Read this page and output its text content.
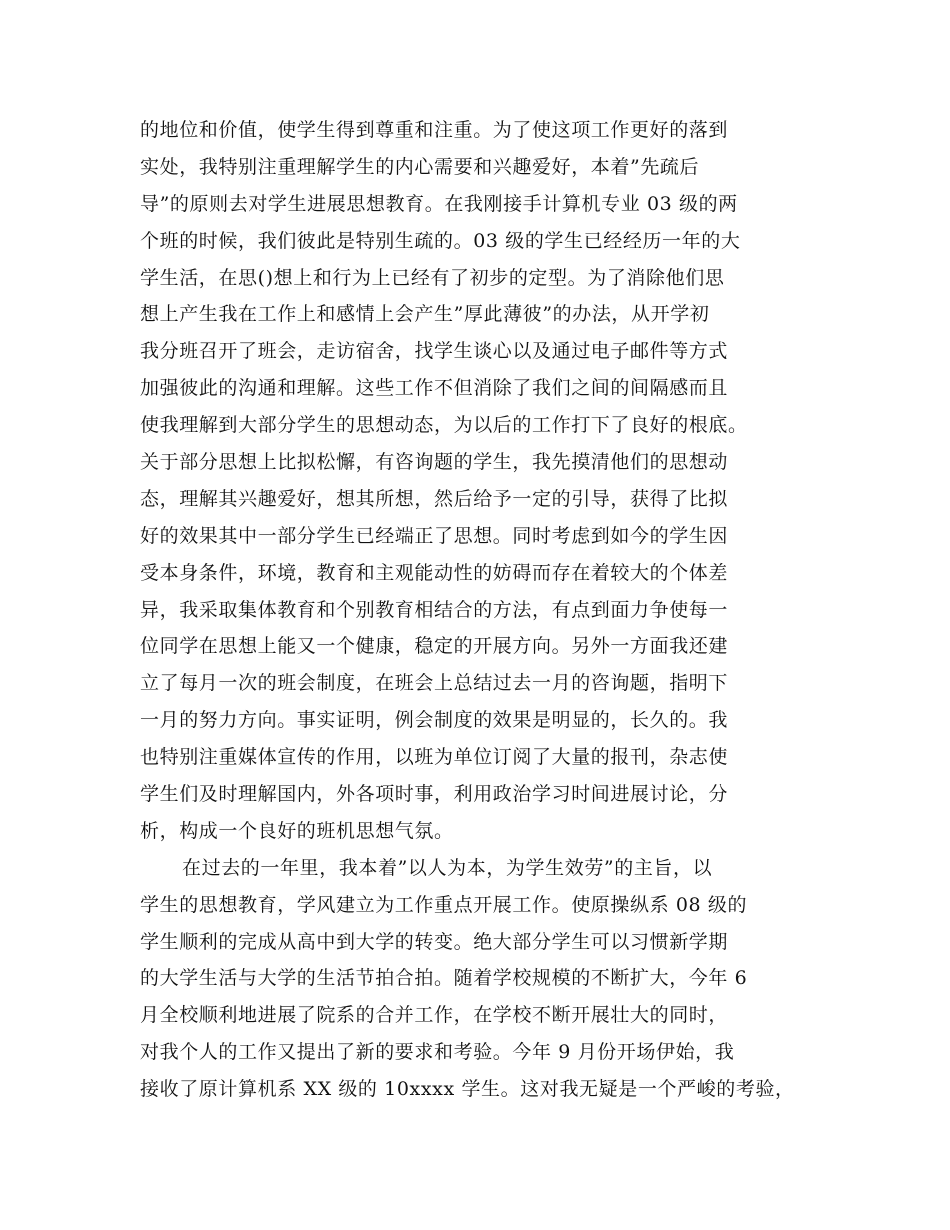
的地位和价值，使学生得到尊重和注重。为了使这项工作更好的落到
实处，我特别注重理解学生的内心需要和兴趣爱好，本着”先疏后
导”的原则去对学生进展思想教育。在我刚接手计算机专业 03 级的两
个班的时候，我们彼此是特别生疏的。03 级的学生已经经历一年的大
学生活，在思()想上和行为上已经有了初步的定型。为了消除他们思
想上产生我在工作上和感情上会产生”厚此薄彼”的办法，从开学初
我分班召开了班会，走访宿舍，找学生谈心以及通过电子邮件等方式
加强彼此的沟通和理解。这些工作不但消除了我们之间的间隔感而且
使我理解到大部分学生的思想动态，为以后的工作打下了良好的根底。
关于部分思想上比拟松懈，有咨询题的学生，我先摸清他们的思想动
态，理解其兴趣爱好，想其所想，然后给予一定的引导，获得了比拟
好的效果其中一部分学生已经端正了思想。同时考虑到如今的学生因
受本身条件，环境，教育和主观能动性的妨碍而存在着较大的个体差
异，我采取集体教育和个别教育相结合的方法，有点到面力争使每一
位同学在思想上能又一个健康，稳定的开展方向。另外一方面我还建
立了每月一次的班会制度，在班会上总结过去一月的咨询题，指明下
一月的努力方向。事实证明，例会制度的效果是明显的，长久的。我
也特别注重媒体宣传的作用，以班为单位订阅了大量的报刊，杂志使
学生们及时理解国内，外各项时事，利用政治学习时间进展讨论，分
析，构成一个良好的班机思想气氛。
在过去的一年里，我本着”以人为本，为学生效劳”的主旨，以
学生的思想教育，学风建立为工作重点开展工作。使原操纵系 08 级的
学生顺利的完成从高中到大学的转变。绝大部分学生可以习惯新学期
的大学生活与大学的生活节拍合拍。随着学校规模的不断扩大，今年 6
月全校顺利地进展了院系的合并工作，在学校不断开展壮大的同时，
对我个人的工作又提出了新的要求和考验。今年 9 月份开场伊始，我
接收了原计算机系 XX 级的 10xxxx 学生。这对我无疑是一个严峻的考验，
